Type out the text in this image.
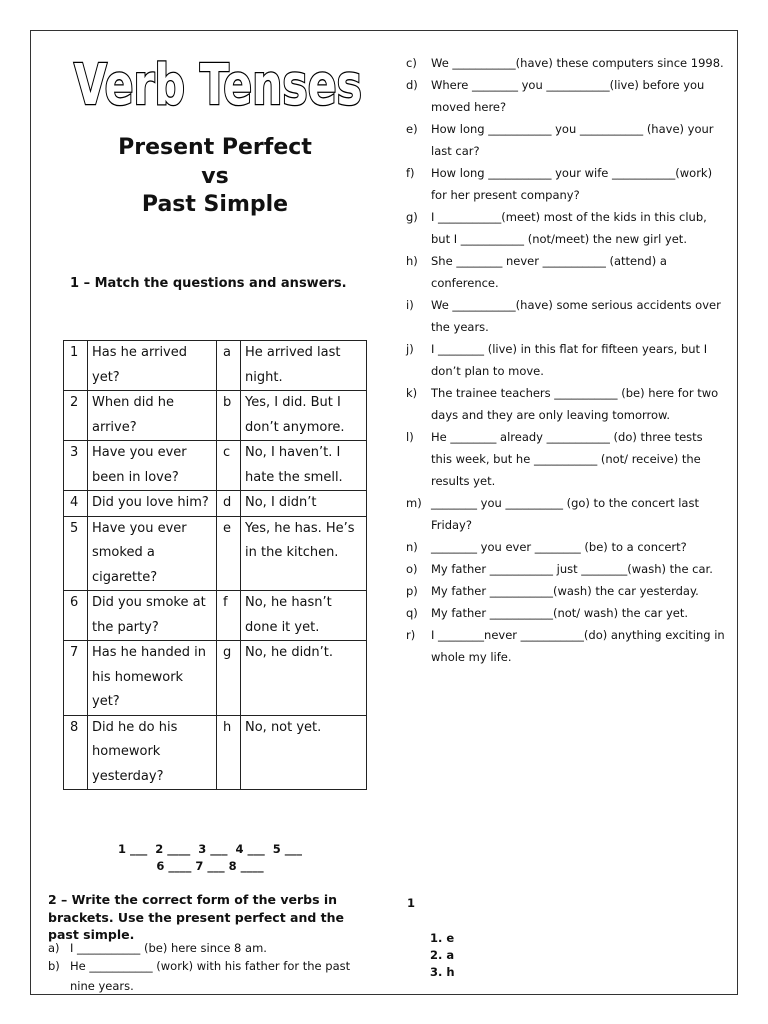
Verb Tenses
Present Perfect
vs
Past Simple
1 – Match the questions and answers.
1	Has he arrived yet?	a	He arrived last night.
2	When did he arrive?	b	Yes, I did. But I don’t anymore.
3	Have you ever been in love?	c	No, I haven’t. I hate the smell.
4	Did you love him?	d	No, I didn’t
5	Have you ever smoked a cigarette?	e	Yes, he has. He’s in the kitchen.
6	Did you smoke at the party?	f	No, he hasn’t done it yet.
7	Has he handed in his homework yet?	g	No, he didn’t.
8	Did he do his homework yesterday?	h	No, not yet.
1 ___  2 ____  3 ___  4 ___  5 ___
6 ____ 7 ___ 8 ____
2 – Write the correct form of the verbs in brackets. Use the present perfect and the past simple.
a) I ___________ (be) here since 8 am.
b) He ___________ (work) with his father for the past nine years.
c)	We ___________(have) these computers since 1998.
d)	Where ________ you ___________(live) before you moved here?
e)	How long ___________ you ___________ (have) your last car?
f)	How long ___________ your wife ___________(work) for her present company?
g)	I ___________(meet) most of the kids in this club, but I ___________ (not/meet) the new girl yet.
h)	She ________ never ___________ (attend) a conference.
i)	We ___________(have) some serious accidents over the years.
j)	I ________ (live) in this flat for fifteen years, but I don’t plan to move.
k)	The trainee teachers ___________ (be) here for two days and they are only leaving tomorrow.
l)	He ________ already ___________ (do) three tests this week, but he ___________ (not/ receive) the results yet.
m) ________ you __________ (go) to the concert last Friday?
n)	________ you ever ________ (be) to a concert?
o)	My father ___________ just ________(wash) the car.
p)	My father ___________(wash) the car yesterday.
q)	My father ___________(not/ wash) the car yet.
r)	I ________never ___________(do) anything exciting in whole my life.
1
1. e
2. a
3. h
